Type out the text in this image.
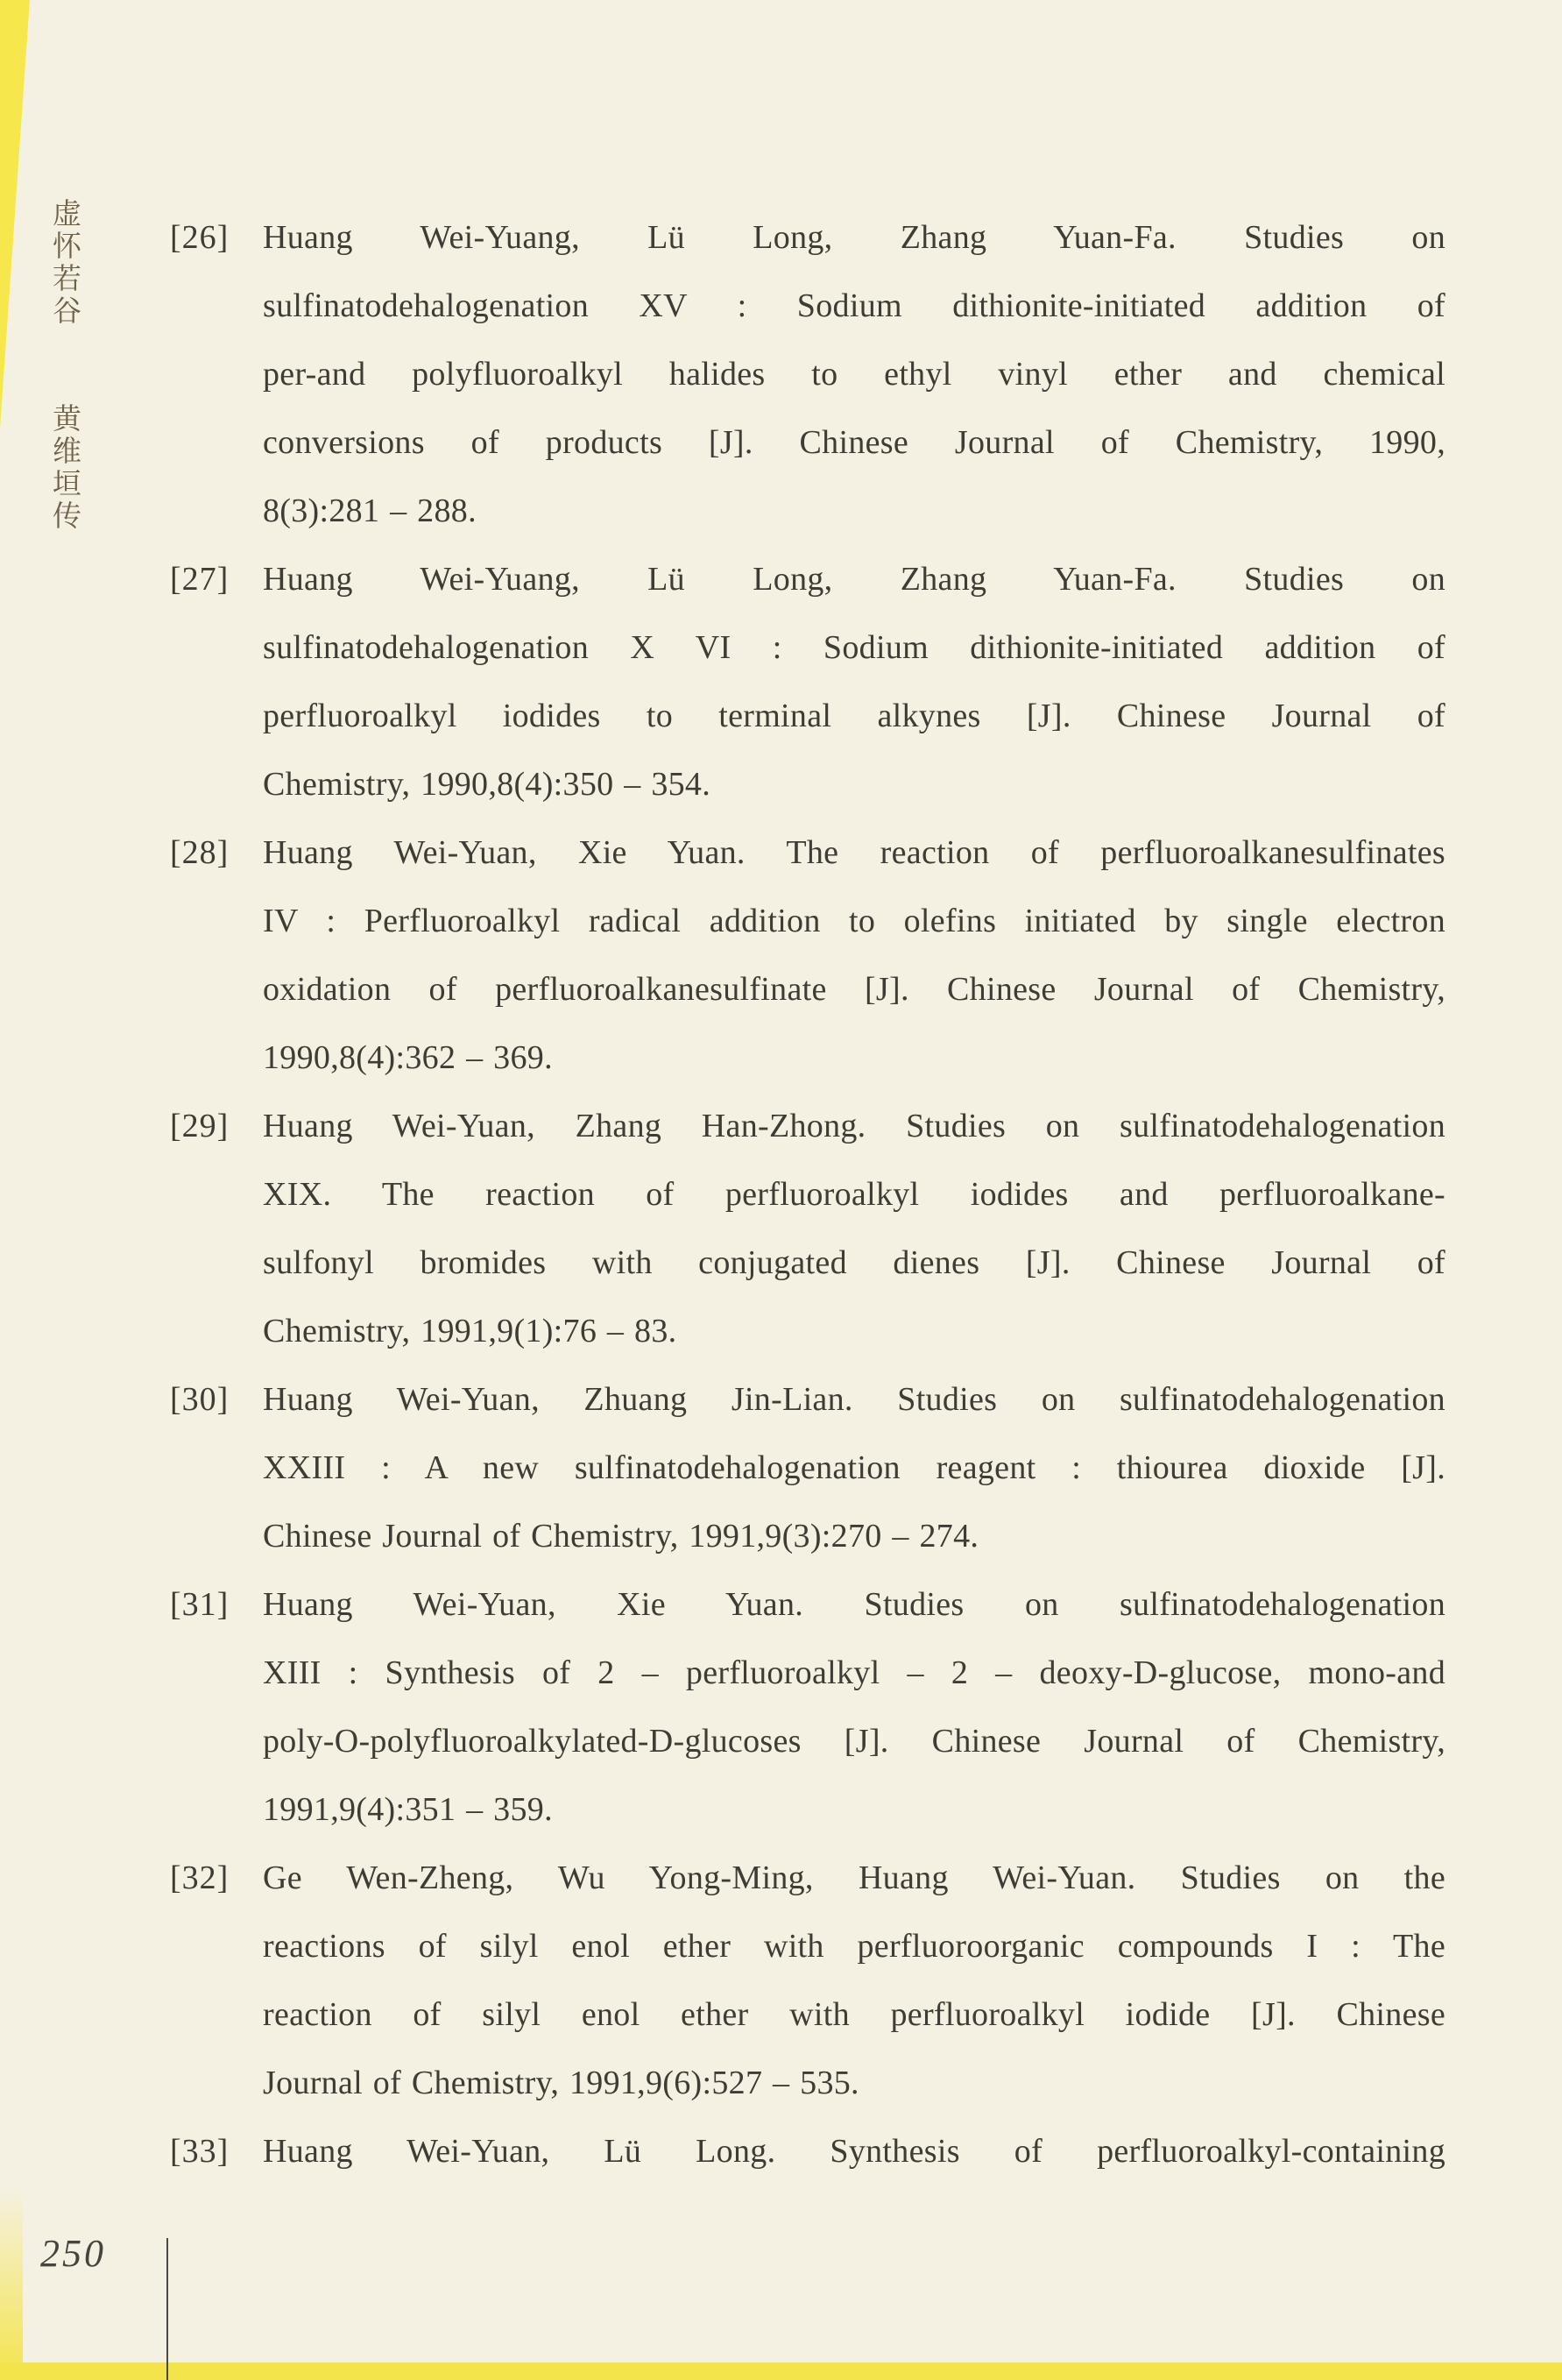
虚怀若谷 黄维垣传
[26] Huang Wei-Yuang, Lü Long, Zhang Yuan-Fa. Studies on
sulfinatodehalogenation XV : Sodium dithionite-initiated addition of
per-and polyfluoroalkyl halides to ethyl vinyl ether and chemical
conversions of products [J]. Chinese Journal of Chemistry, 1990,
8(3):281 – 288.
[27] Huang Wei-Yuang, Lü Long, Zhang Yuan-Fa. Studies on
sulfinatodehalogenation X VI : Sodium dithionite-initiated addition of
perfluoroalkyl iodides to terminal alkynes [J]. Chinese Journal of
Chemistry, 1990,8(4):350 – 354.
[28] Huang Wei-Yuan, Xie Yuan. The reaction of perfluoroalkanesulfinates
IV : Perfluoroalkyl radical addition to olefins initiated by single electron
oxidation of perfluoroalkanesulfinate [J]. Chinese Journal of Chemistry,
1990,8(4):362 – 369.
[29] Huang Wei-Yuan, Zhang Han-Zhong. Studies on sulfinatodehalogenation
XIX. The reaction of perfluoroalkyl iodides and perfluoroalkane-
sulfonyl bromides with conjugated dienes [J]. Chinese Journal of
Chemistry, 1991,9(1):76 – 83.
[30] Huang Wei-Yuan, Zhuang Jin-Lian. Studies on sulfinatodehalogenation
XXIII : A new sulfinatodehalogenation reagent : thiourea dioxide [J].
Chinese Journal of Chemistry, 1991,9(3):270 – 274.
[31] Huang Wei-Yuan, Xie Yuan. Studies on sulfinatodehalogenation
XIII : Synthesis of 2 – perfluoroalkyl – 2 – deoxy-D-glucose, mono-and
poly-O-polyfluoroalkylated-D-glucoses [J]. Chinese Journal of Chemistry,
1991,9(4):351 – 359.
[32] Ge Wen-Zheng, Wu Yong-Ming, Huang Wei-Yuan. Studies on the
reactions of silyl enol ether with perfluoroorganic compounds I : The
reaction of silyl enol ether with perfluoroalkyl iodide [J]. Chinese
Journal of Chemistry, 1991,9(6):527 – 535.
[33] Huang Wei-Yuan, Lü Long. Synthesis of perfluoroalkyl-containing
250
